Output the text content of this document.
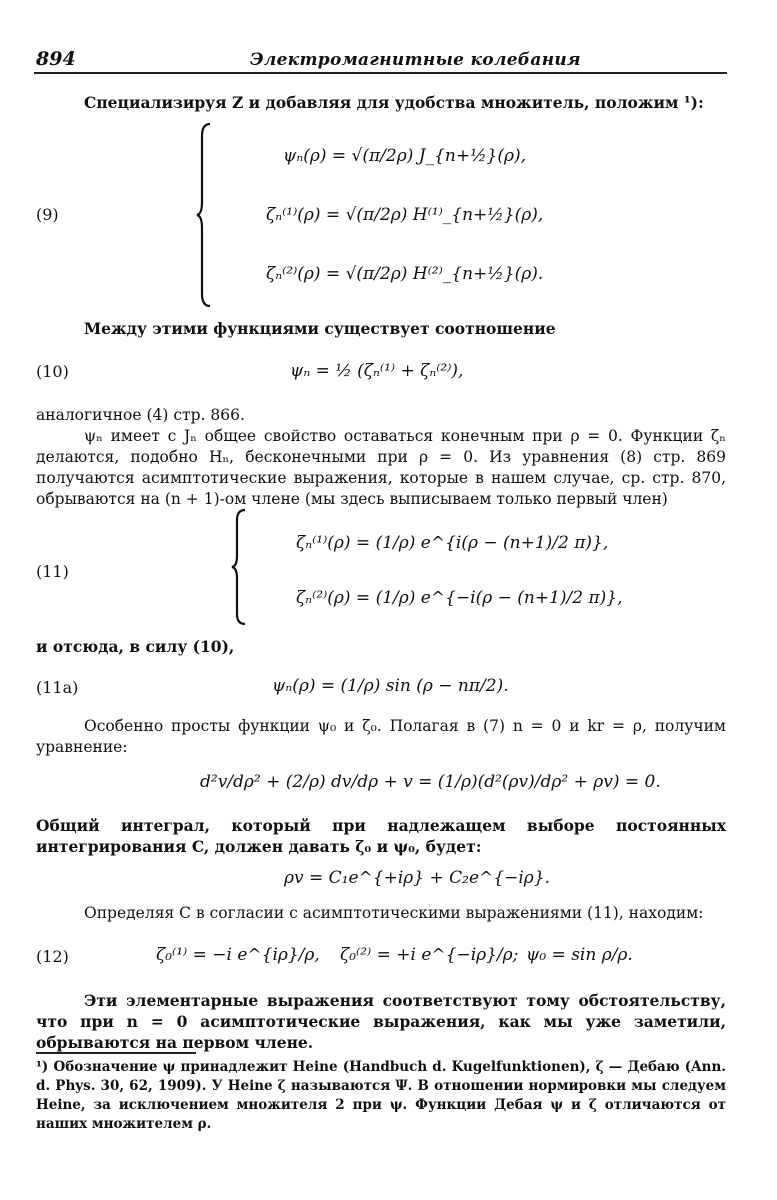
894	Электромагнитные колебания
Специализируя Z и добавляя для удобства множитель, положим ¹):
(9)
ψₙ(ρ) = √(π/2ρ) J_{n+½}(ρ),
ζₙ⁽¹⁾(ρ) = √(π/2ρ) H⁽¹⁾_{n+½}(ρ),
ζₙ⁽²⁾(ρ) = √(π/2ρ) H⁽²⁾_{n+½}(ρ).
Между этими функциями существует соотношение
(10)	ψₙ = ½ (ζₙ⁽¹⁾ + ζₙ⁽²⁾),
аналогичное (4) стр. 866.
ψₙ имеет с Jₙ общее свойство оставаться конечным при ρ = 0. Функции ζₙ делаются, подобно Hₙ, бесконечными при ρ = 0. Из уравнения (8) стр. 869 получаются асимптотические выражения, которые в нашем случае, ср. стр. 870, обрываются на (n + 1)-ом члене (мы здесь выписываем только первый член)
(11)
ζₙ⁽¹⁾(ρ) = (1/ρ) e^{i(ρ − (n+1)/2 π)},
ζₙ⁽²⁾(ρ) = (1/ρ) e^{−i(ρ − (n+1)/2 π)},
и отсюда, в силу (10),
(11a)	ψₙ(ρ) = (1/ρ) sin (ρ − nπ/2).
Особенно просты функции ψ₀ и ζ₀. Полагая в (7) n = 0 и kr = ρ, получим уравнение:
d²v/dρ² + (2/ρ) dv/dρ + v = (1/ρ)(d²(ρv)/dρ² + ρv) = 0.
Общий интеграл, который при надлежащем выборе постоянных интегрирования C, должен давать ζ₀ и ψ₀, будет:
ρv = C₁e^{+iρ} + C₂e^{−iρ}.
Определяя C в согласии с асимптотическими выражениями (11), находим:
(12)	ζ₀⁽¹⁾ = −i e^{iρ}/ρ, ζ₀⁽²⁾ = +i e^{−iρ}/ρ; ψ₀ = sin ρ/ρ.
Эти элементарные выражения соответствуют тому обстоятельству, что при n = 0 асимптотические выражения, как мы уже заметили, обрываются на первом члене.
¹) Обозначение ψ принадлежит Heine (Handbuch d. Kugelfunktionen), ζ — Дебаю (Ann. d. Phys. 30, 62, 1909). У Heine ζ называются Ψ. В отношении нормировки мы следуем Heine, за исключением множителя 2 при ψ. Функции Дебая ψ и ζ отличаются от наших множителем ρ.
